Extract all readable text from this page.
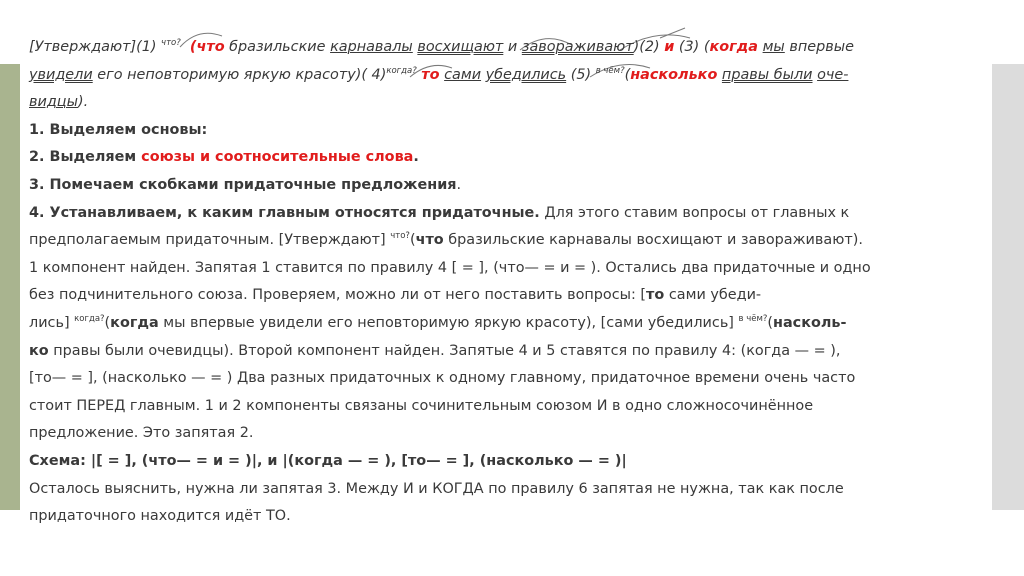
[Утверждают](1) $^{что?}$ (что бразильские карнавалы восхищают и завораживают)(2) и (3) (когда мы впервые
увидели его неповторимую яркую красоту)( 4)$^{когда?}$ то сами убедились (5) $^{в чём?}$(насколько правы были оче-
видцы).
1. Выделяем основы:
2. Выделяем союзы и соотносительные слова.
3. Помечаем скобками придаточные предложения.
4. Устанавливаем, к каким главным относятся придаточные. Для этого ставим вопросы от главных к
предполагаемым придаточным. [Утверждают] $^{что?}$(что бразильские карнавалы восхищают и завораживают).
1 компонент найден. Запятая 1 ставится по правилу 4 [ = ], (что— = и = ). Остались два придаточные и одно
без подчинительного союза. Проверяем, можно ли от него поставить вопросы: [то сами убеди-
лись] $^{когда?}$(когда мы впервые увидели его неповторимую яркую красоту), [сами убедились] $^{в чём?}$(насколь-
ко правы были очевидцы). Второй компонент найден. Запятые 4 и 5 ставятся по правилу 4: (когда — = ),
[то— = ], (насколько — = ) Два разных придаточных к одному главному, придаточное времени очень часто
стоит ПЕРЕД главным. 1 и 2 компоненты связаны сочинительным союзом И в одно сложносочинённое
предложение. Это запятая 2.
Схема: |[ = ], (что— = и = )|, и |(когда — = ), [то— = ], (насколько — = )|
Осталось выяснить, нужна ли запятая 3. Между И и КОГДА по правилу 6 запятая не нужна, так как после
придаточного находится идёт ТО.
